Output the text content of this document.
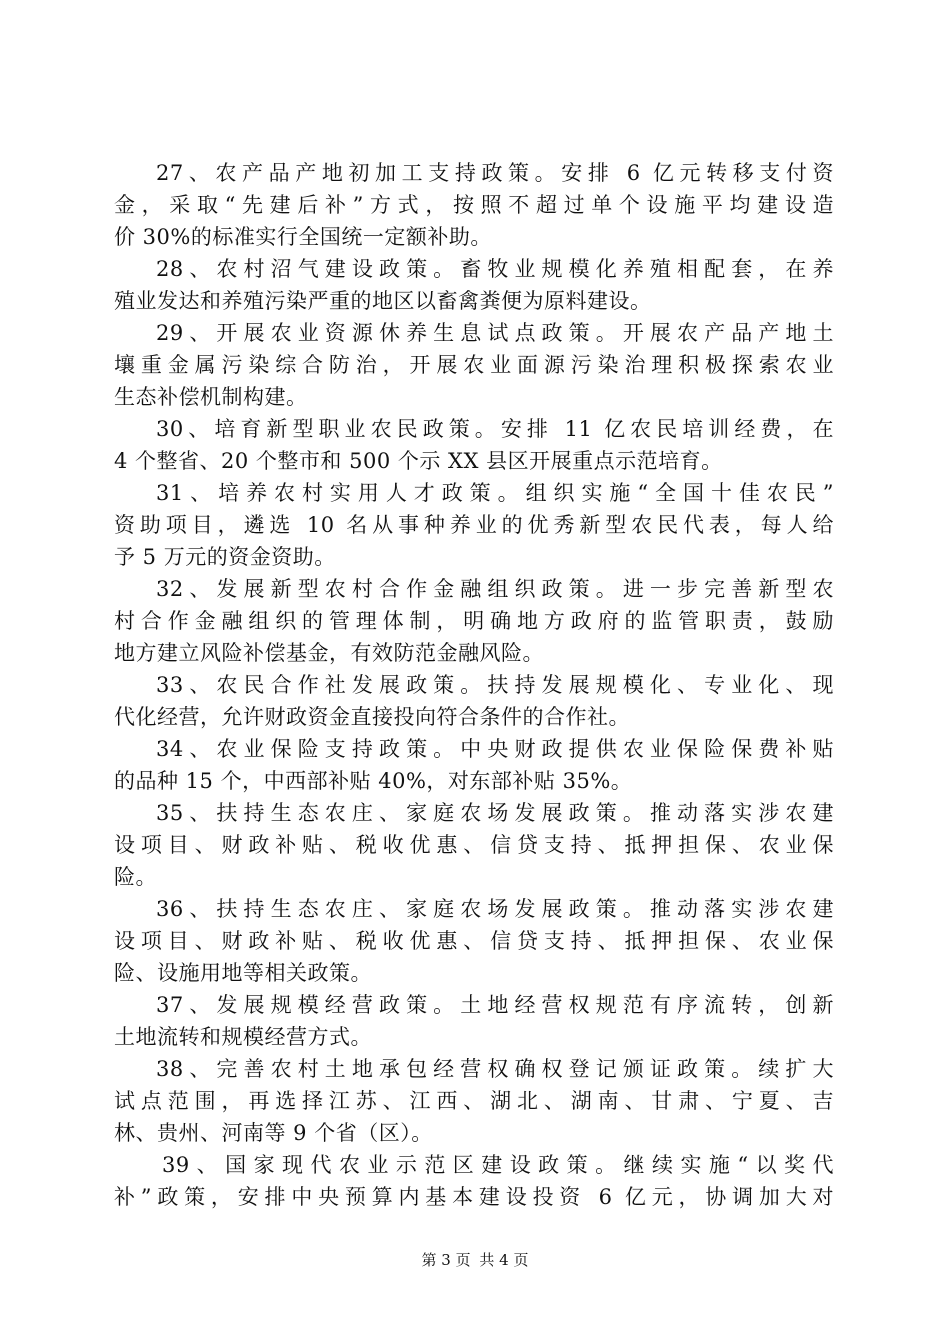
27、农产品产地初加工支持政策。安排 6 亿元转移支付资
金，采取“先建后补”方式，按照不超过单个设施平均建设造
价 30%的标准实行全国统一定额补助。
28、农村沼气建设政策。畜牧业规模化养殖相配套，在养
殖业发达和养殖污染严重的地区以畜禽粪便为原料建设。
29、开展农业资源休养生息试点政策。开展农产品产地土
壤重金属污染综合防治，开展农业面源污染治理积极探索农业
生态补偿机制构建。
30、培育新型职业农民政策。安排 11 亿农民培训经费，在
4 个整省、20 个整市和 500 个示 XX 县区开展重点示范培育。
31、培养农村实用人才政策。组织实施“全国十佳农民”
资助项目，遴选 10 名从事种养业的优秀新型农民代表，每人给
予 5 万元的资金资助。
32、发展新型农村合作金融组织政策。进一步完善新型农
村合作金融组织的管理体制，明确地方政府的监管职责，鼓励
地方建立风险补偿基金，有效防范金融风险。
33、农民合作社发展政策。扶持发展规模化、专业化、现
代化经营，允许财政资金直接投向符合条件的合作社。
34、农业保险支持政策。中央财政提供农业保险保费补贴
的品种 15 个，中西部补贴 40%，对东部补贴 35%。
35、扶持生态农庄、家庭农场发展政策。推动落实涉农建
设项目、财政补贴、税收优惠、信贷支持、抵押担保、农业保
险。
36、扶持生态农庄、家庭农场发展政策。推动落实涉农建
设项目、财政补贴、税收优惠、信贷支持、抵押担保、农业保
险、设施用地等相关政策。
37、发展规模经营政策。土地经营权规范有序流转，创新
土地流转和规模经营方式。
38、完善农村土地承包经营权确权登记颁证政策。续扩大
试点范围，再选择江苏、江西、湖北、湖南、甘肃、宁夏、吉
林、贵州、河南等 9 个省（区）。
39、国家现代农业示范区建设政策。继续实施“以奖代
补”政策，安排中央预算内基本建设投资 6 亿元，协调加大对
第 3 页 共 4 页
